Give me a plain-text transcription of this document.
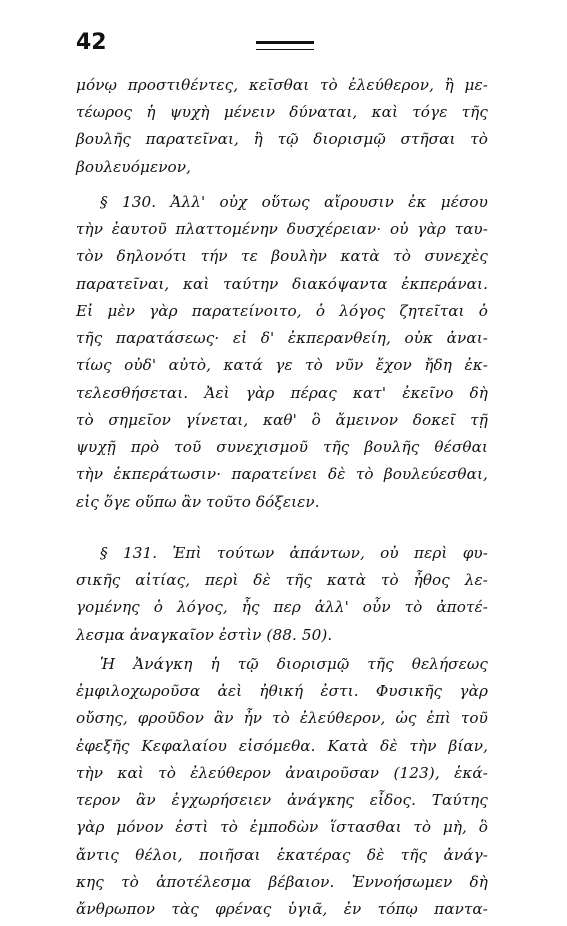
42
μόνῳ προστιθέντες, κεῖσθαι τὸ ἐλεύθερον, ἢ με-
τέωρος ἡ ψυχὴ μένειν δύναται, καὶ τόγε τῆς
βουλῆς παρατεῖναι, ἢ τῷ διορισμῷ στῆσαι τὸ
βουλευόμενον,
§ 130. Ἀλλ' οὐχ οὕτως αἴρουσιν ἐκ μέσου
τὴν ἑαυτοῦ πλαττομένην δυσχέρειαν· οὐ γὰρ ταυ-
τὸν δηλονότι τήν τε βουλὴν κατὰ τὸ συνεχὲς
παρατεῖναι, καὶ ταύτην διακόψαντα ἐκπεράναι.
Εἰ μὲν γὰρ παρατείνοιτο, ὁ λόγος ζητεῖται ὁ
τῆς παρατάσεως· εἰ δ' ἐκπερανθείη, οὐκ ἀναι-
τίως οὐδ' αὐτὸ, κατά γε τὸ νῦν ἔχον ἤδη ἐκ-
τελεσθήσεται. Ἀεὶ γὰρ πέρας κατ' ἐκεῖνο δὴ
τὸ σημεῖον γίνεται, καθ' ὃ ἄμεινον δοκεῖ τῇ
ψυχῇ πρὸ τοῦ συνεχισμοῦ τῆς βουλῆς θέσθαι
τὴν ἐκπεράτωσιν· παρατείνει δὲ τὸ βουλεύεσθαι,
εἰς ὅγε οὕπω ἂν τοῦτο δόξειεν.
§ 131. Ἐπὶ τούτων ἁπάντων, οὐ περὶ φυ-
σικῆς αἰτίας, περὶ δὲ τῆς κατὰ τὸ ἦθος λε-
γομένης ὁ λόγος, ἧς περ ἀλλ' οὖν τὸ ἀποτέ-
λεσμα ἀναγκαῖον ἐστὶν (88. 50).
Ἡ Ἀνάγκη ἡ τῷ διορισμῷ τῆς θελήσεως
ἐμφιλοχωροῦσα ἀεὶ ἠθική ἐστι. Φυσικῆς γὰρ
οὔσης, φροῦδον ἂν ἦν τὸ ἐλεύθερον, ὡς ἐπὶ τοῦ
ἐφεξῆς Κεφαλαίου εἰσόμεθα. Κατὰ δὲ τὴν βίαν,
τὴν καὶ τὸ ἐλεύθερον ἀναιροῦσαν (123), ἑκά-
τερον ἂν ἐγχωρήσειεν ἀνάγκης εἶδος. Ταύτης
γὰρ μόνον ἐστὶ τὸ ἐμποδὼν ἵστασθαι τὸ μὴ, ὃ
ἄντις θέλοι, ποιῆσαι ἑκατέρας δὲ τῆς ἀνάγ-
κης τὸ ἀποτέλεσμα βέβαιον. Ἐννοήσωμεν δὴ
ἄνθρωπον τὰς φρένας ὑγιᾶ, ἐν τόπῳ παντα-
